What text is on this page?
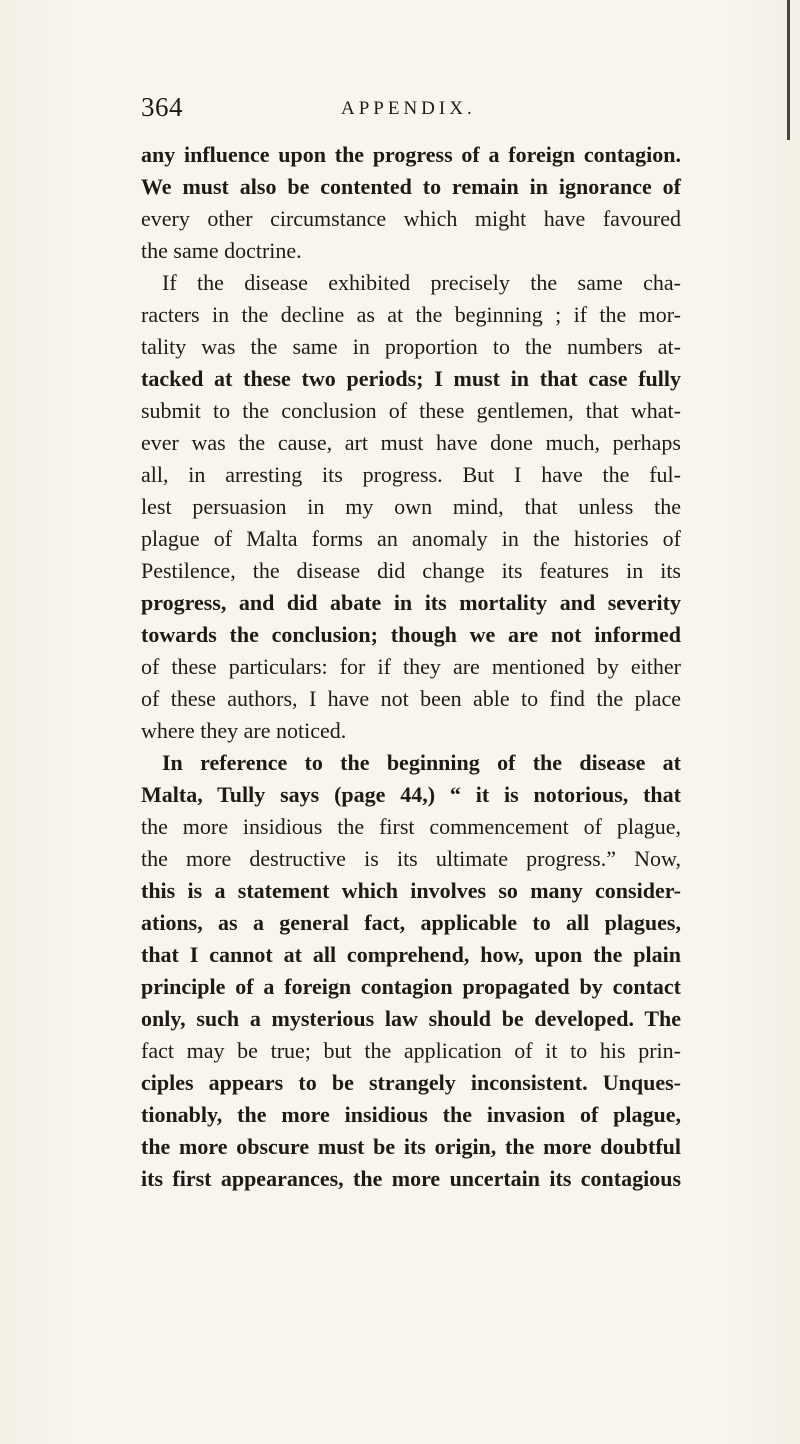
364	APPENDIX.
any influence upon the progress of a foreign contagion.
We must also be contented to remain in ignorance of
every other circumstance which might have favoured
the same doctrine.
If the disease exhibited precisely the same cha-
racters in the decline as at the beginning ; if the mor-
tality was the same in proportion to the numbers at-
tacked at these two periods; I must in that case fully
submit to the conclusion of these gentlemen, that what-
ever was the cause, art must have done much, perhaps
all, in arresting its progress. But I have the ful-
lest persuasion in my own mind, that unless the
plague of Malta forms an anomaly in the histories of
Pestilence, the disease did change its features in its
progress, and did abate in its mortality and severity
towards the conclusion; though we are not informed
of these particulars: for if they are mentioned by either
of these authors, I have not been able to find the place
where they are noticed.
In reference to the beginning of the disease at
Malta, Tully says (page 44,) “ it is notorious, that
the more insidious the first commencement of plague,
the more destructive is its ultimate progress.” Now,
this is a statement which involves so many consider-
ations, as a general fact, applicable to all plagues,
that I cannot at all comprehend, how, upon the plain
principle of a foreign contagion propagated by contact
only, such a mysterious law should be developed. The
fact may be true; but the application of it to his prin-
ciples appears to be strangely inconsistent. Unques-
tionably, the more insidious the invasion of plague,
the more obscure must be its origin, the more doubtful
its first appearances, the more uncertain its contagious
